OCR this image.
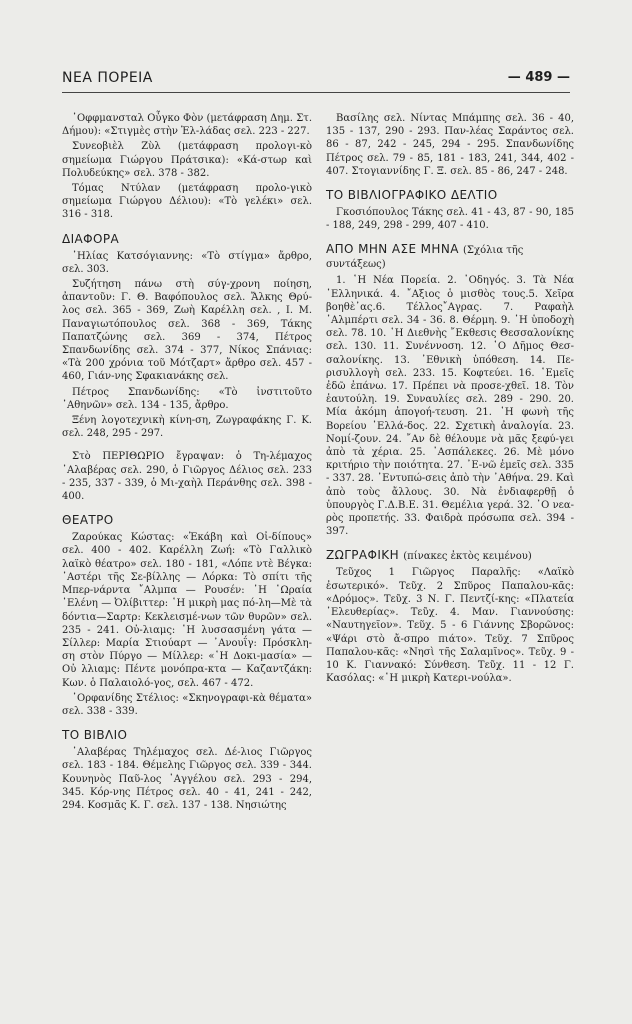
ΝΕΑ ΠΟΡΕΙΑ	— 489 —

᾿Οφφμανσταλ Οὖγκο Φὸν (μετάφραση Δημ. Στ. Δήμου): «Στιγμὲς στὴν Ἑλ-λάδας σελ. 223 - 227.

Συνεοβιὲλ Ζὺλ (μετάφραση προλογι-κὸ σημείωμα Γιώργου Πράτσικα): «Κά-στωρ καὶ Πολυδεύκης» σελ. 378 - 382.

Τόμας Ντύλαν (μετάφραση προλο-γικὸ σημείωμα Γιώργου Δέλιου): «Τὸ γελέκι» σελ. 316 - 318.

ΔΙΑΦΟΡΑ

᾿Ηλίας Κατσόγιαννης: «Τὸ στίγμα» ἄρθρο, σελ. 303.

Συζήτηση πάνω στὴ σύγ-χρονη ποίηση, ἀπαντοῦν: Γ. Θ. Βαφόπουλος σελ. Ἄλκης Θρύ-λος σελ. 365 - 369, Ζωὴ Καρέλλη σελ. , Ι. Μ. Παναγιωτόπουλος σελ. 368 - 369, Τάκης Παπατζώνης σελ. 369 - 374, Πέτρος Σπανδωνίδης σελ. 374 - 377, Νίκος Σπάνιας: «Τὰ 200 χρόνια τοῦ Μότζαρτ» ἄρθρο σελ. 457 - 460, Γιάν-νης Σφακιανάκης σελ.

Πέτρος Σπανδωνίδης: «Τὸ ἰνστιτοῦτο ᾿Αθηνῶν» σελ. 134 - 135, ἄρθρο.

Ξένη λογοτεχνικὴ κίνη-ση, Ζωγραφάκης Γ. Κ. σελ. 248, 295 - 297.

Στὸ ΠΕΡΙΘΩΡΙΟ ἔγραψαν: ὁ Τη-λέμαχος ᾿Αλαβέρας σελ. 290, ὁ Γιῶργος Δέλιος σελ. 233 - 235, 337 - 339, ὁ Μι-χαὴλ Περάνθης σελ. 398 - 400.

ΘΕΑΤΡΟ

Ζαρούκας Κώστας: «Ἐκάβη καὶ Οἰ-δίπους» σελ. 400 - 402. Καρέλλη Ζωή: «Τὸ Γαλλικὸ λαϊκὸ θέατρο» σελ. 180 - 181, «Λόπε ντὲ Βέγκα: ᾿Αστέρι τῆς Σε-βίλλης — Λόρκα: Τὸ σπίτι τῆς Μπερ-νάρντα ῎Αλμπα — Ρουσέν: ῾Η ῾Ωραία ῾Ελένη — Ὀλίβιττερ: ῾Η μικρὴ μας πό-λη—Μὲ τὰ δόντια—Σαρτρ: Κεκλεισμέ-νων τῶν θυρῶν» σελ. 235 - 241. Οὐ-λιαμς: ῾Η λυσσασμένη γάτα — Σίλλερ: Μαρία Στιούαρτ — ᾿Ανουΐγ: Πρόσκλη-ση στὸν Πύργο — Μίλλερ: «῾Η Δοκι-μασία» — Οὐ λλιαμς: Πέντε μονόπρα-κτα — Καζαντζάκη: Κων. ὁ Παλαιολό-γος, σελ. 467 - 472.

᾿Ορφανίδης Στέλιος: «Σκηνογραφι-κὰ θέματα» σελ. 338 - 339.

ΤΟ ΒΙΒΛΙΟ

᾿Αλαβέρας Τηλέμαχος σελ. Δέ-λιος Γιῶργος σελ. 183 - 184. Θέμελης Γιῶργος σελ. 339 - 344. Κουνηνὸς Παῦ-λος ᾿Αγγέλου σελ. 293 - 294, 345. Κόρ-νης Πέτρος σελ. 40 - 41, 241 - 242, 294. Κοσμᾶς Κ. Γ. σελ. 137 - 138. Νησιώτης

Βασίλης σελ. Νίντας Μπάμπης σελ. 36 - 40, 135 - 137, 290 - 293. Παν-λέας Σαράντος σελ. 86 - 87, 242 - 245, 294 - 295. Σπανδωνίδης Πέτρος σελ. 79 - 85, 181 - 183, 241, 344, 402 - 407. Στογιαννίδης Γ. Ξ. σελ. 85 - 86, 247 - 248.

ΤΟ ΒΙΒΛΙΟΓΡΑΦΙΚΟ ΔΕΛΤΙΟ

Γκοσιόπουλος Τάκης σελ. 41 - 43, 87 - 90, 185 - 188, 249, 298 - 299, 407 - 410.

ΑΠΟ ΜΗΝ ΑΣΕ ΜΗΝΑ (Σχόλια τῆς συντάξεως)

1. ῾Η Νέα Πορεία. 2. ᾿Οδηγός. 3. Τὰ Νέα ῾Ελληνικά. 4. ῎Αξιος ὁ μισθὸς τους.5. Χεῖρα βοηθὲ᾿ας.6. Τέλλος῎Αγρας. 7. Ραφαὴλ ᾿Αλμπέρτι σελ. 34 - 36. 8. Θέρμη. 9. ῾Η ὑποδοχὴ σελ. 78. 10. ῾Η Διεθνὴς ῎Εκθεσις Θεσσαλονίκης σελ. 130. 11. Συνέννοση. 12. ῾Ο Δῆμος Θεσ-σαλονίκης. 13. ᾿Εθνικὴ ὑπόθεση. 14. Πε-ρισυλλογὴ σελ. 233. 15. Κοφτεύει. 16. ῾Εμεῖς ἐδῶ ἐπάνω. 17. Πρέπει νὰ προσε-χθεῖ. 18. Τὸν ἑαυτούλη. 19. Συναυλίες σελ. 289 - 290. 20. Μία ἀκόμη ἀπογοή-τευση. 21. ῾Η φωνὴ τῆς Βορείου ῾Ελλά-δος. 22. Σχετικὴ ἀναλογία. 23. Νομί-ζουν. 24. ῎Αν δὲ θέλουμε νὰ μᾶς ξεφύ-γει ἀπὸ τὰ χέρια. 25. ᾿Ασπάλεκες. 26. Μὲ μόνο κριτήριο τὴν ποιότητα. 27. ᾿Ε-νῶ ἐμεῖς σελ. 335 - 337. 28. ᾿Εντυπώ-σεις ἀπὸ τὴν ᾿Αθήνα. 29. Καὶ ἀπὸ τοὺς ἄλλους. 30. Νὰ ἐνδιαφερθῇ ὁ ὑπουργὸς Γ.Δ.Β.Ε. 31. Θεμέλια γερά. 32. ῾Ο νεα-ρὸς προπετής. 33. Φαιδρὰ πρόσωπα σελ. 394 - 397.

ΖΩΓΡΑΦΙΚΗ (πίνακες ἐκτὸς κειμένου)

Τεῦχος 1 Γιῶργος Παραλῆς: «Λαϊκὸ ἐσωτερικό». Τεῦχ. 2 Σπῦρος Παπαλου-κᾶς: «Δρόμος». Τεῦχ. 3 Ν. Γ. Πεντζί-κης: «Πλατεία ᾿Ελευθερίας». Τεῦχ. 4. Μαν. Γιαννούσης: «Ναυτηγεῖον». Τεῦχ. 5 - 6 Γιάννης Σβορῶνος: «Ψάρι στὸ ἄ-σπρο πιάτο». Τεῦχ. 7 Σπῦρος Παπαλου-κᾶς: «Νησὶ τῆς Σαλαμῖνος». Τεῦχ. 9 - 10 Κ. Γιαννακό: Σύνθεση. Τεῦχ. 11 - 12 Γ. Κασόλας: «῾Η μικρὴ Κατερι-νούλα».
